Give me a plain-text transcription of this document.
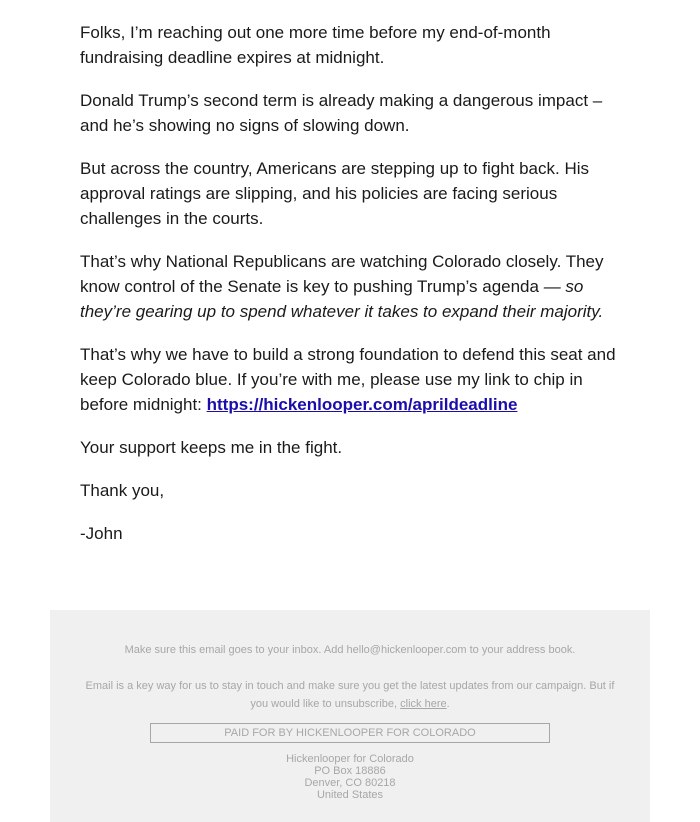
Folks, I’m reaching out one more time before my end-of-month fundraising deadline expires at midnight.

Donald Trump’s second term is already making a dangerous impact – and he’s showing no signs of slowing down.

But across the country, Americans are stepping up to fight back. His approval ratings are slipping, and his policies are facing serious challenges in the courts.

That’s why National Republicans are watching Colorado closely. They know control of the Senate is key to pushing Trump’s agenda — so they’re gearing up to spend whatever it takes to expand their majority.

That’s why we have to build a strong foundation to defend this seat and keep Colorado blue. If you’re with me, please use my link to chip in before midnight: https://hickenlooper.com/aprildeadline

Your support keeps me in the fight.

Thank you,

-John

Make sure this email goes to your inbox. Add hello@hickenlooper.com to your address book.
Email is a key way for us to stay in touch and make sure you get the latest updates from our campaign. But if you would like to unsubscribe, click here.
PAID FOR BY HICKENLOOPER FOR COLORADO
Hickenlooper for Colorado
PO Box 18886
Denver, CO 80218
United States
